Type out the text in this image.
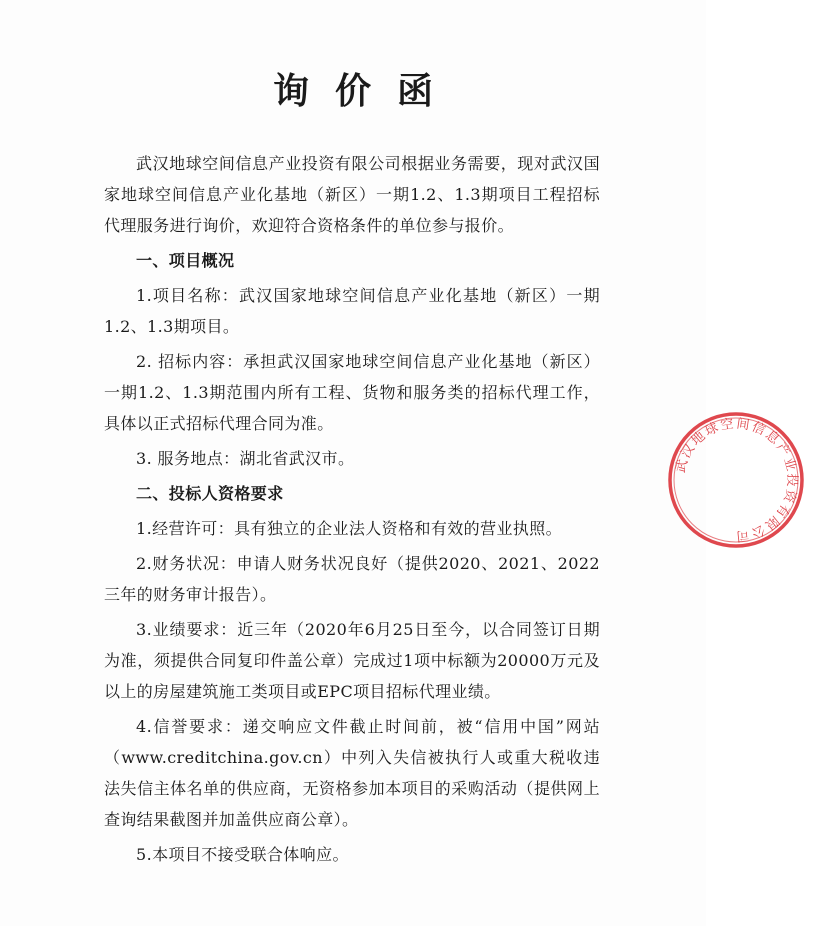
询价函

武汉地球空间信息产业投资有限公司根据业务需要，现对武汉国家地球空间信息产业化基地（新区）一期1.2、1.3期项目工程招标代理服务进行询价，欢迎符合资格条件的单位参与报价。

一、项目概况

1.项目名称：武汉国家地球空间信息产业化基地（新区）一期1.2、1.3期项目。

2. 招标内容：承担武汉国家地球空间信息产业化基地（新区）一期1.2、1.3期范围内所有工程、货物和服务类的招标代理工作，具体以正式招标代理合同为准。

3. 服务地点：湖北省武汉市。

二、投标人资格要求

1.经营许可：具有独立的企业法人资格和有效的营业执照。

2.财务状况：申请人财务状况良好（提供2020、2021、2022三年的财务审计报告）。

3.业绩要求：近三年（2020年6月25日至今，以合同签订日期为准，须提供合同复印件盖公章）完成过1项中标额为20000万元及以上的房屋建筑施工类项目或EPC项目招标代理业绩。

4.信誉要求：递交响应文件截止时间前，被“信用中国”网站（www.creditchina.gov.cn）中列入失信被执行人或重大税收违法失信主体名单的供应商，无资格参加本项目的采购活动（提供网上查询结果截图并加盖供应商公章）。

5.本项目不接受联合体响应。

武汉地球空间信息产业投资有限公司
